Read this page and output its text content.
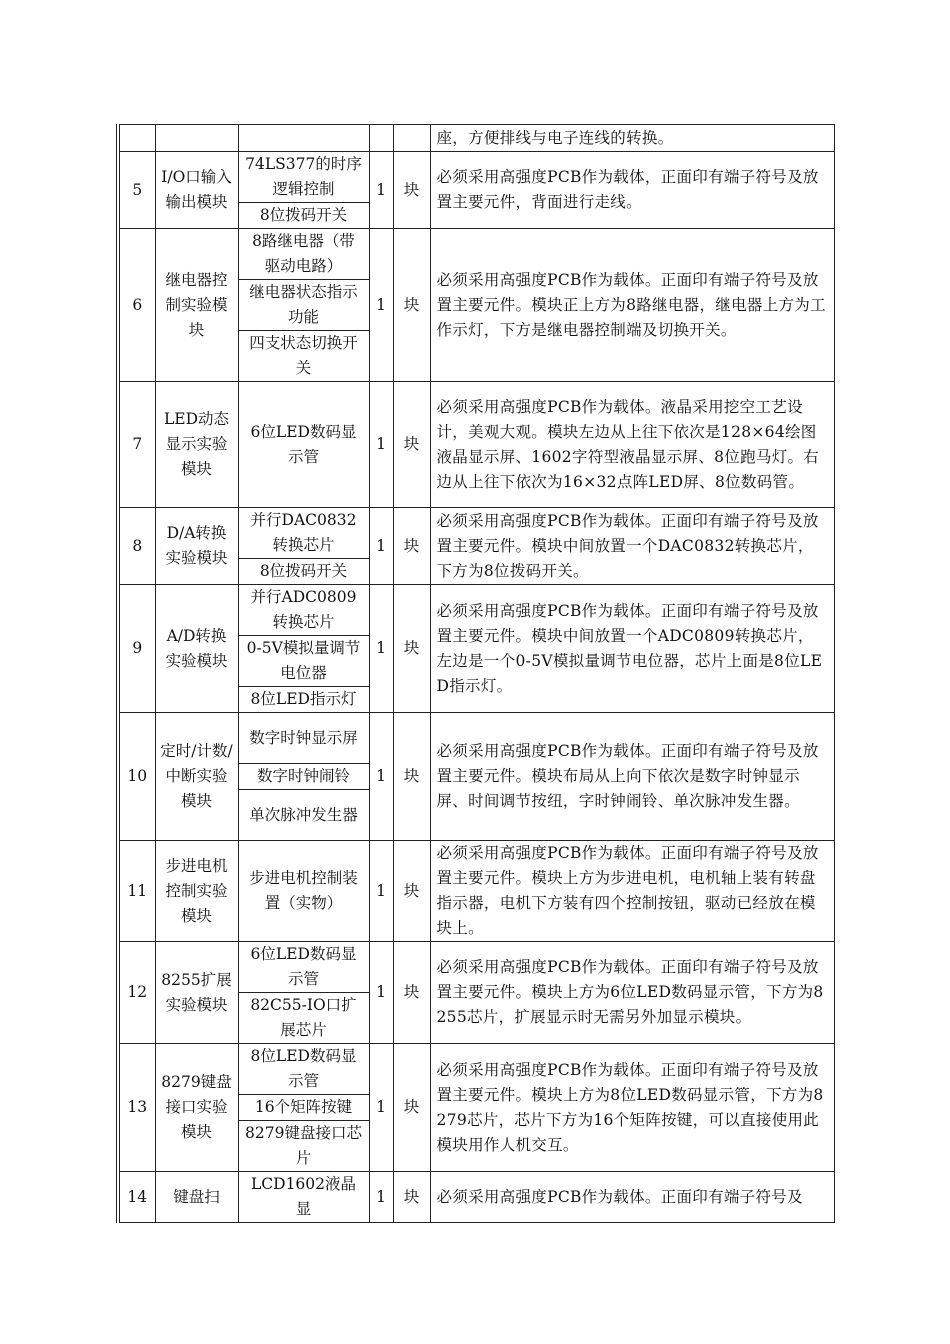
					座，方便排线与电子连线的转换。
5	I/O口输入输出模块	74LS377的时序逻辑控制	1	块	必须采用高强度PCB作为载体，正面印有端子符号及放置主要元件，背面进行走线。
		8位拨码开关			
6	继电器控制实验模块	8路继电器（带驱动电路）	1	块	必须采用高强度PCB作为载体。正面印有端子符号及放置主要元件。模块正上方为8路继电器，继电器上方为工作示灯，下方是继电器控制端及切换开关。
		继电器状态指示功能			
		四支状态切换开关			
7	LED动态显示实验模块	6位LED数码显示管	1	块	必须采用高强度PCB作为载体。液晶采用挖空工艺设计，美观大观。模块左边从上往下依次是128×64绘图液晶显示屏、1602字符型液晶显示屏、8位跑马灯。右边从上往下依次为16×32点阵LED屏、8位数码管。
8	D/A转换实验模块	并行DAC0832转换芯片	1	块	必须采用高强度PCB作为载体。正面印有端子符号及放置主要元件。模块中间放置一个DAC0832转换芯片，下方为8位拨码开关。
		8位拨码开关			
9	A/D转换实验模块	并行ADC0809转换芯片	1	块	必须采用高强度PCB作为载体。正面印有端子符号及放置主要元件。模块中间放置一个ADC0809转换芯片，左边是一个0-5V模拟量调节电位器，芯片上面是8位LED指示灯。
		0-5V模拟量调节电位器			
		8位LED指示灯			
10	定时/计数/中断实验模块	数字时钟显示屏	1	块	必须采用高强度PCB作为载体。正面印有端子符号及放置主要元件。模块布局从上向下依次是数字时钟显示屏、时间调节按纽，字时钟闹铃、单次脉冲发生器。
		数字时钟闹铃			
		单次脉冲发生器			
11	步进电机控制实验模块	步进电机控制装置（实物）	1	块	必须采用高强度PCB作为载体。正面印有端子符号及放置主要元件。模块上方为步进电机，电机轴上装有转盘指示器，电机下方装有四个控制按钮，驱动已经放在模块上。
12	8255扩展实验模块	6位LED数码显示管	1	块	必须采用高强度PCB作为载体。正面印有端子符号及放置主要元件。模块上方为6位LED数码显示管，下方为8255芯片，扩展显示时无需另外加显示模块。
		82C55-IO口扩展芯片			
13	8279键盘接口实验模块	8位LED数码显示管	1	块	必须采用高强度PCB作为载体。正面印有端子符号及放置主要元件。模块上方为8位LED数码显示管，下方为8279芯片，芯片下方为16个矩阵按键，可以直接使用此模块用作人机交互。
		16个矩阵按键			
		8279键盘接口芯片			
14	键盘扫	LCD1602液晶显	1	块	必须采用高强度PCB作为载体。正面印有端子符号及
